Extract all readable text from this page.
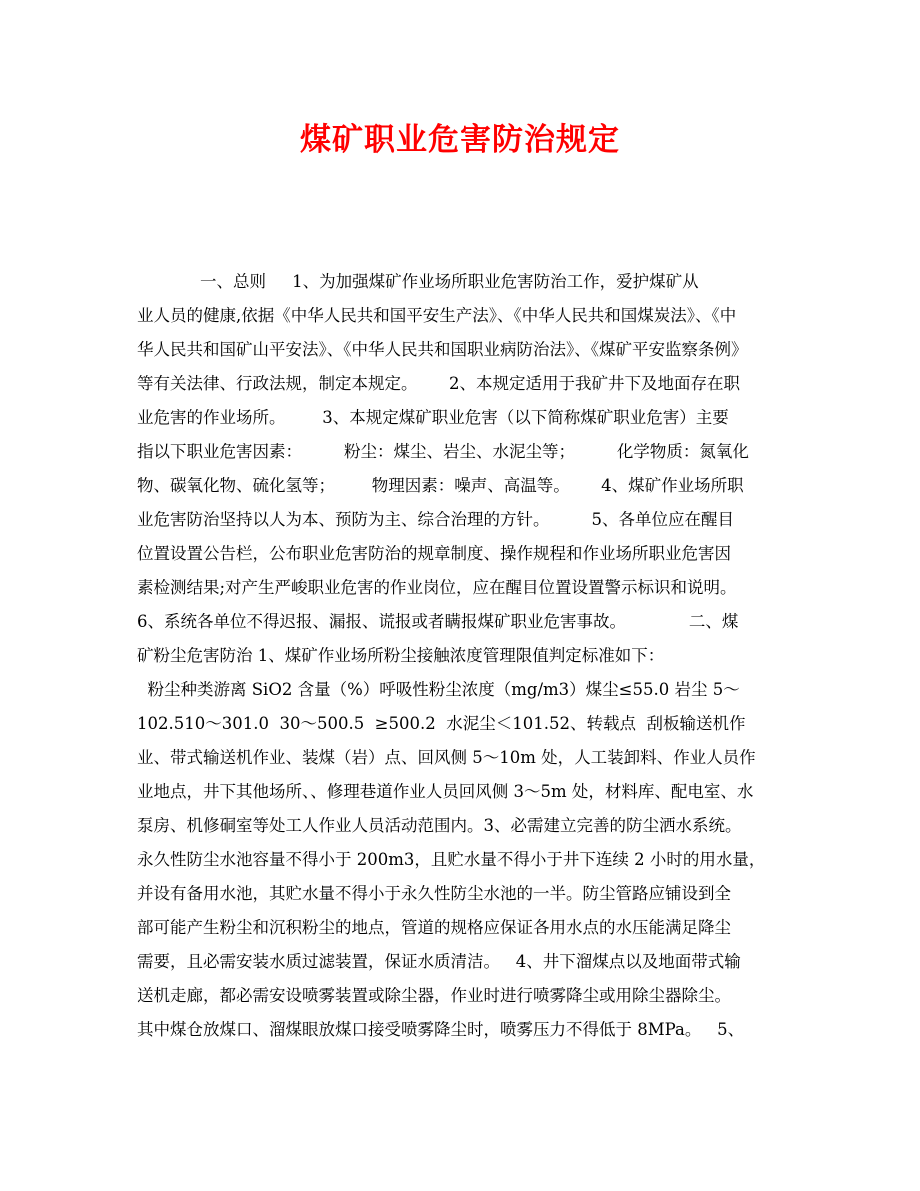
煤矿职业危害防治规定
一、总则     1、为加强煤矿作业场所职业危害防治工作，爱护煤矿从
业人员的健康,依据《中华人民共和国平安生产法》、《中华人民共和国煤炭法》、《中
华人民共和国矿山平安法》、《中华人民共和国职业病防治法》、《煤矿平安监察条例》
等有关法律、行政法规，制定本规定。      2、本规定适用于我矿井下及地面存在职
业危害的作业场所。       3、本规定煤矿职业危害（以下简称煤矿职业危害）主要
指以下职业危害因素：        粉尘：煤尘、岩尘、水泥尘等；        化学物质：氮氧化
物、碳氧化物、硫化氢等；       物理因素：噪声、高温等。      4、煤矿作业场所职
业危害防治坚持以人为本、预防为主、综合治理的方针。        5、各单位应在醒目
位置设置公告栏，公布职业危害防治的规章制度、操作规程和作业场所职业危害因
素检测结果;对产生严峻职业危害的作业岗位，应在醒目位置设置警示标识和说明。
6、系统各单位不得迟报、漏报、谎报或者瞒报煤矿职业危害事故。            二、煤
矿粉尘危害防治 1、煤矿作业场所粉尘接触浓度管理限值判定标准如下：
粉尘种类游离 SiO2 含量（%）呼吸性粉尘浓度（mg/m3）煤尘≤55.0 岩尘 5～
102.510～301.0  30～500.5  ≥500.2  水泥尘＜101.52、转载点  刮板输送机作
业、带式输送机作业、装煤（岩）点、回风侧 5～10m 处，人工装卸料、作业人员作
业地点，井下其他场所、、修理巷道作业人员回风侧 3～5m 处，材料库、配电室、水
泵房、机修硐室等处工人作业人员活动范围内。3、必需建立完善的防尘洒水系统。
永久性防尘水池容量不得小于 200m3，且贮水量不得小于井下连续 2 小时的用水量，
并设有备用水池，其贮水量不得小于永久性防尘水池的一半。防尘管路应铺设到全
部可能产生粉尘和沉积粉尘的地点，管道的规格应保证各用水点的水压能满足降尘
需要，且必需安装水质过滤装置，保证水质清洁。   4、井下溜煤点以及地面带式输
送机走廊，都必需安设喷雾装置或除尘器，作业时进行喷雾降尘或用除尘器除尘。
其中煤仓放煤口、溜煤眼放煤口接受喷雾降尘时，喷雾压力不得低于 8MPa。   5、
